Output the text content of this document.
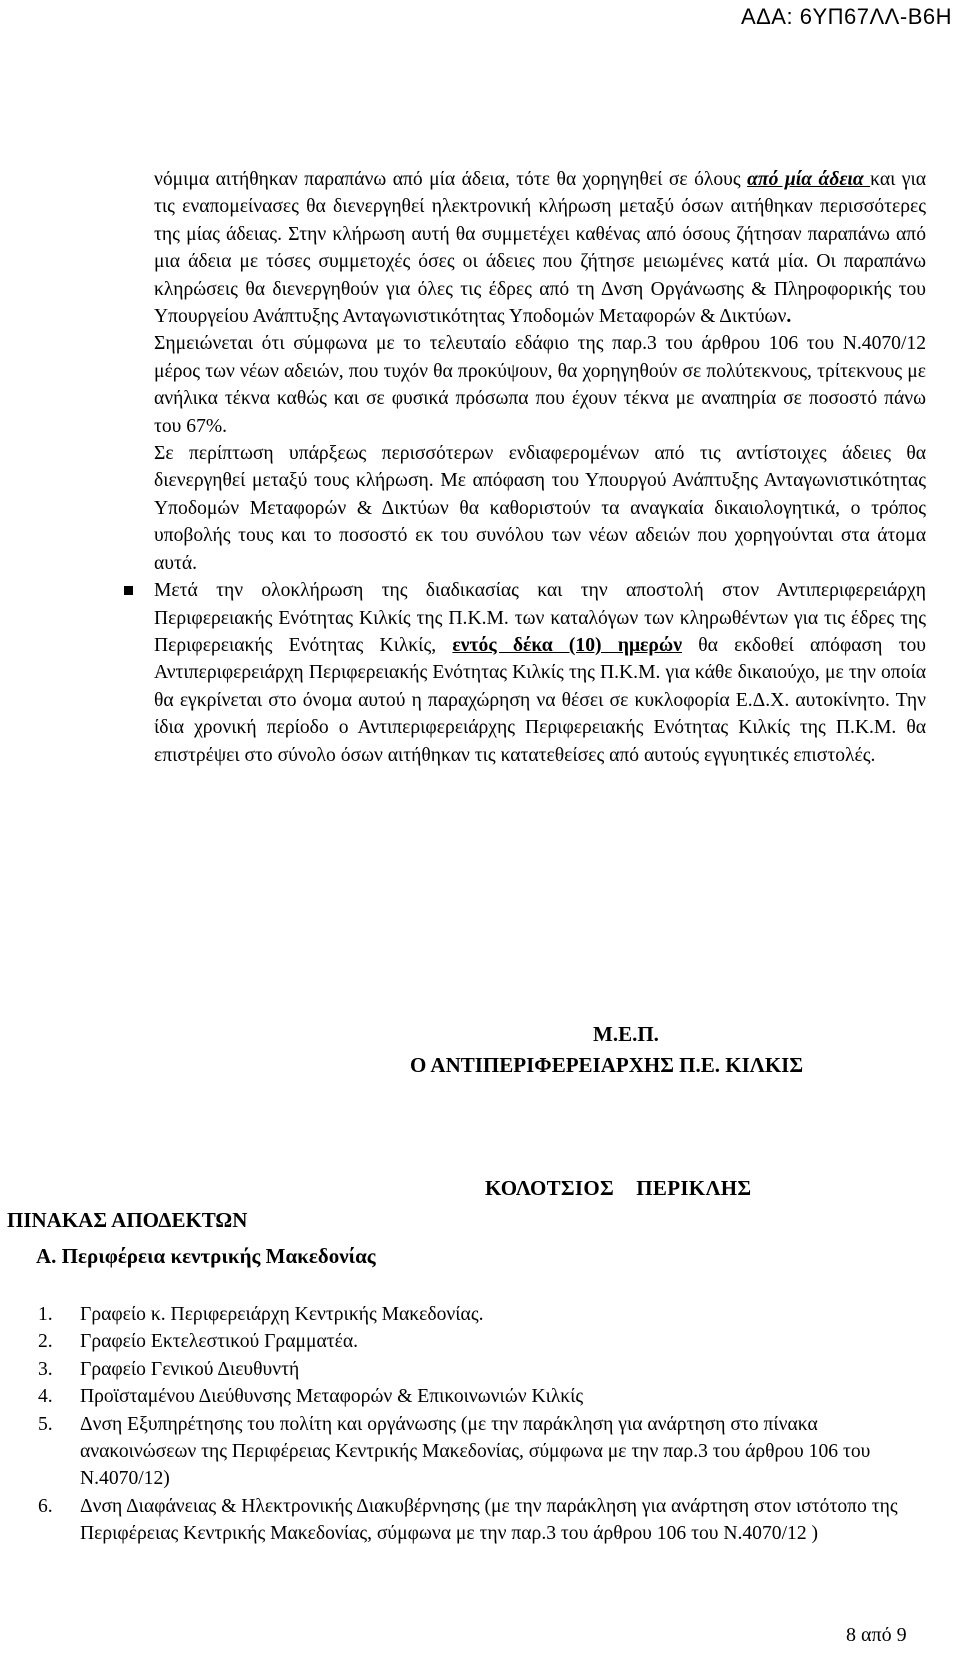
ΑΔΑ: 6ΥΠ67ΛΛ-Β6Η

νόμιμα αιτήθηκαν παραπάνω από μία άδεια, τότε θα χορηγηθεί σε όλους από μία άδεια και για τις εναπομείνασες θα διενεργηθεί ηλεκτρονική κλήρωση μεταξύ όσων αιτήθηκαν περισσότερες της μίας άδειας. Στην κλήρωση αυτή θα συμμετέχει καθένας από όσους ζήτησαν παραπάνω από μια άδεια με τόσες συμμετοχές όσες οι άδειες που ζήτησε μειωμένες κατά μία. Οι παραπάνω κληρώσεις θα διενεργηθούν για όλες τις έδρες από τη Δνση Οργάνωσης & Πληροφορικής του Υπουργείου Ανάπτυξης Ανταγωνιστικότητας Υποδομών Μεταφορών & Δικτύων.

Σημειώνεται ότι σύμφωνα με το τελευταίο εδάφιο της παρ.3 του άρθρου 106 του Ν.4070/12 μέρος των νέων αδειών, που τυχόν θα προκύψουν, θα χορηγηθούν σε πολύτεκνους, τρίτεκνους με ανήλικα τέκνα καθώς και σε φυσικά πρόσωπα που έχουν τέκνα με αναπηρία σε ποσοστό πάνω του 67%.

Σε περίπτωση υπάρξεως περισσότερων ενδιαφερομένων από τις αντίστοιχες άδειες θα διενεργηθεί μεταξύ τους κλήρωση. Με απόφαση του Υπουργού Ανάπτυξης Ανταγωνιστικότητας Υποδομών Μεταφορών & Δικτύων θα καθοριστούν τα αναγκαία δικαιολογητικά, ο τρόπος υποβολής τους και το ποσοστό εκ του συνόλου των νέων αδειών που χορηγούνται στα άτομα αυτά.

Μετά την ολοκλήρωση της διαδικασίας και την αποστολή στον Αντιπεριφερειάρχη Περιφερειακής Ενότητας Κιλκίς της Π.Κ.Μ. των καταλόγων των κληρωθέντων για τις έδρες της Περιφερειακής Ενότητας Κιλκίς, εντός δέκα (10) ημερών θα εκδοθεί απόφαση του Αντιπεριφερειάρχη Περιφερειακής Ενότητας Κιλκίς της Π.Κ.Μ. για κάθε δικαιούχο, με την οποία θα εγκρίνεται στο όνομα αυτού η παραχώρηση να θέσει σε κυκλοφορία Ε.Δ.Χ. αυτοκίνητο. Την ίδια χρονική περίοδο ο Αντιπεριφερειάρχης Περιφερειακής Ενότητας Κιλκίς της Π.Κ.Μ. θα επιστρέψει στο σύνολο όσων αιτήθηκαν τις κατατεθείσες από αυτούς εγγυητικές επιστολές.

Μ.Ε.Π.
Ο ΑΝΤΙΠΕΡΙΦΕΡΕΙΑΡΧΗΣ Π.Ε. ΚΙΛΚΙΣ
ΚΟΛΟΤΣΙΟΣ    ΠΕΡΙΚΛΗΣ
ΠΙΝΑΚΑΣ ΑΠΟΔΕΚΤΩΝ
Α. Περιφέρεια κεντρικής Μακεδονίας
1. Γραφείο κ. Περιφερειάρχη Κεντρικής Μακεδονίας.
2. Γραφείο Εκτελεστικού Γραμματέα.
3. Γραφείο Γενικού Διευθυντή
4. Προϊσταμένου Διεύθυνσης Μεταφορών & Επικοινωνιών Κιλκίς
5. Δνση Εξυπηρέτησης του πολίτη και οργάνωσης (με την παράκληση για ανάρτηση στο πίνακα ανακοινώσεων της Περιφέρειας Κεντρικής Μακεδονίας, σύμφωνα με την παρ.3 του άρθρου 106 του Ν.4070/12)
6. Δνση Διαφάνειας & Ηλεκτρονικής Διακυβέρνησης (με την παράκληση για ανάρτηση στον ιστότοπο της Περιφέρειας Κεντρικής Μακεδονίας, σύμφωνα με την παρ.3 του άρθρου 106 του Ν.4070/12 )
8 από 9
